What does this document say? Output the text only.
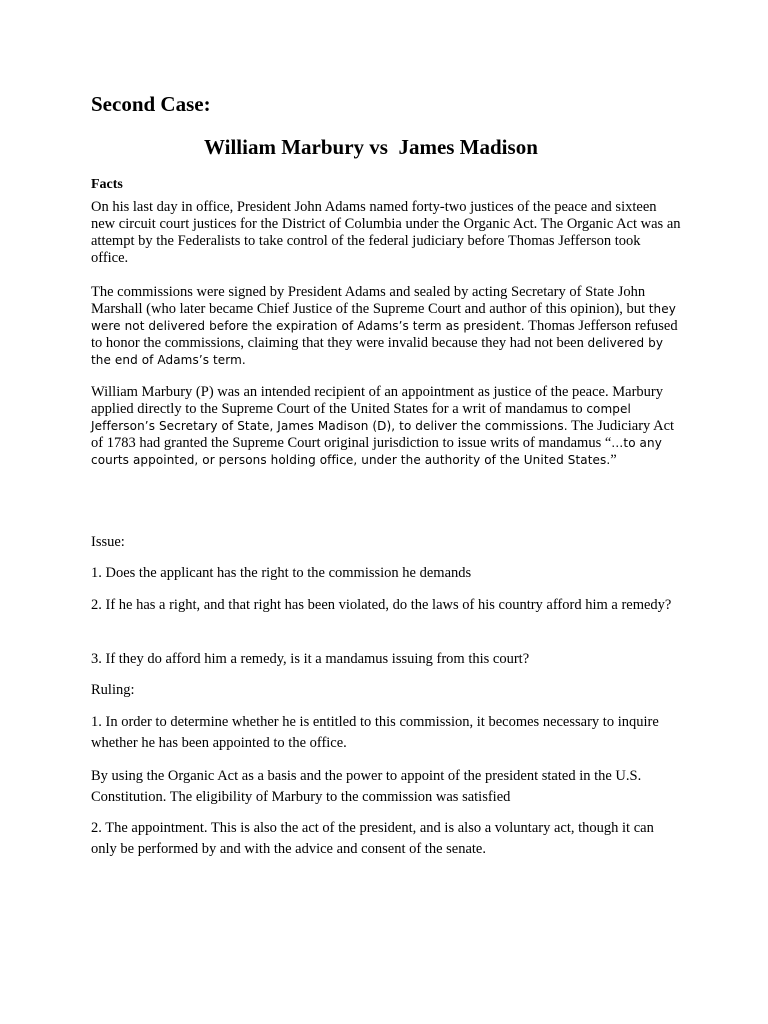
Second Case:
William Marbury vs  James Madison
Facts

On his last day in office, President John Adams named forty-two justices of the peace and sixteen new circuit court justices for the District of Columbia under the Organic Act. The Organic Act was an attempt by the Federalists to take control of the federal judiciary before Thomas Jefferson took office.

The commissions were signed by President Adams and sealed by acting Secretary of State John Marshall (who later became Chief Justice of the Supreme Court and author of this opinion), but they were not delivered before the expiration of Adams’s term as president. Thomas Jefferson refused to honor the commissions, claiming that they were invalid because they had not been delivered by the end of Adams’s term.

William Marbury (P) was an intended recipient of an appointment as justice of the peace. Marbury applied directly to the Supreme Court of the United States for a writ of mandamus to compel Jefferson’s Secretary of State, James Madison (D), to deliver the commissions. The Judiciary Act of 1783 had granted the Supreme Court original jurisdiction to issue writs of mandamus “…to any courts appointed, or persons holding office, under the authority of the United States.”

Issue:

1. Does the applicant has the right to the commission he demands

2. If he has a right, and that right has been violated, do the laws of his country afford him a remedy?

3. If they do afford him a remedy, is it a mandamus issuing from this court?

Ruling:

1. In order to determine whether he is entitled to this commission, it becomes necessary to inquire whether he has been appointed to the office.

By using the Organic Act as a basis and the power to appoint of the president stated in the U.S. Constitution. The eligibility of Marbury to the commission was satisfied

2. The appointment. This is also the act of the president, and is also a voluntary act, though it can only be performed by and with the advice and consent of the senate.
